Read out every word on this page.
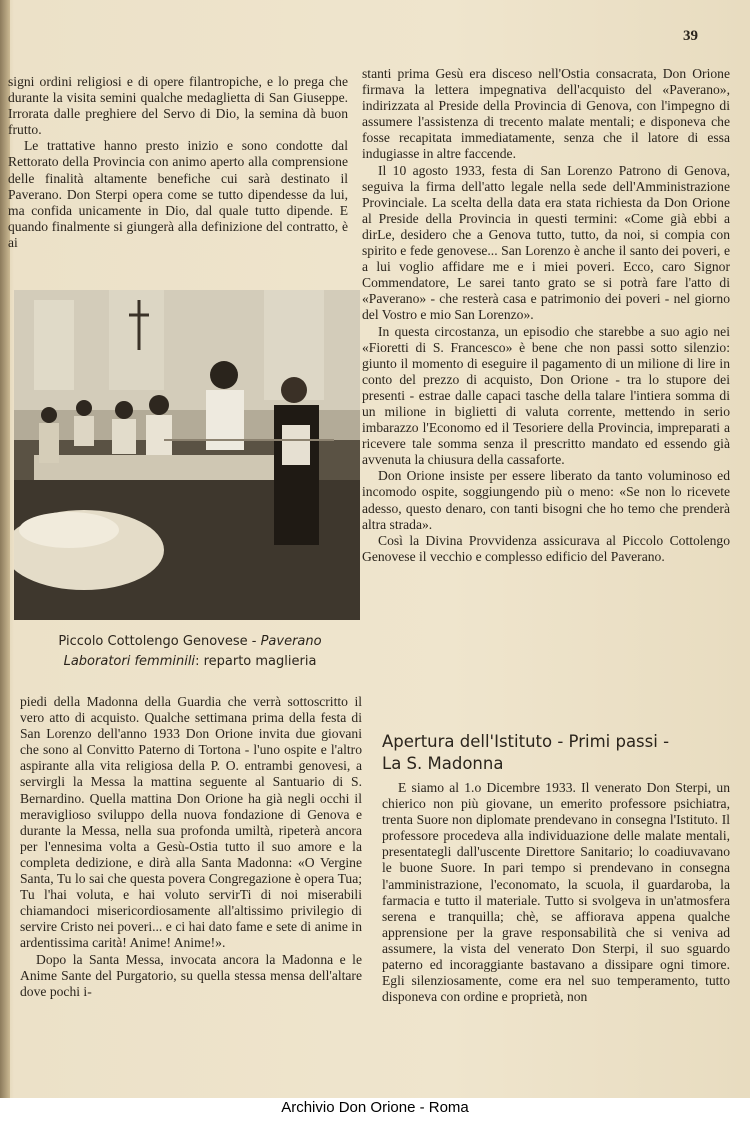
39

signi ordini religiosi e di opere filantropiche, e lo prega che durante la visita semini qualche medaglietta di San Giuseppe. Irrorata dalle preghiere del Servo di Dio, la semina dà buon frutto.

Le trattative hanno presto inizio e sono condotte dal Rettorato della Provincia con animo aperto alla comprensione delle finalità altamente benefiche cui sarà destinato il Paverano. Don Sterpi opera come se tutto dipendesse da lui, ma confida unicamente in Dio, dal quale tutto dipende. E quando finalmente si giungerà alla definizione del contratto, è ai

Piccolo Cottolengo Genovese - Paverano
Laboratori femminili: reparto maglieria

piedi della Madonna della Guardia che verrà sottoscritto il vero atto di acquisto. Qualche settimana prima della festa di San Lorenzo dell'anno 1933 Don Orione invita due giovani che sono al Convitto Paterno di Tortona - l'uno ospite e l'altro aspirante alla vita religiosa della P. O. entrambi genovesi, a servirgli la Messa la mattina seguente al Santuario di S. Bernardino. Quella mattina Don Orione ha già negli occhi il meraviglioso sviluppo della nuova fondazione di Genova e durante la Messa, nella sua profonda umiltà, ripeterà ancora per l'ennesima volta a Gesù-Ostia tutto il suo amore e la completa dedizione, e dirà alla Santa Madonna: «O Vergine Santa, Tu lo sai che questa povera Congregazione è opera Tua; Tu l'hai voluta, e hai voluto servirTi di noi miserabili chiamandoci misericordiosamente all'altissimo privilegio di servire Cristo nei poveri... e ci hai dato fame e sete di anime in ardentissima carità! Anime! Anime!».

Dopo la Santa Messa, invocata ancora la Madonna e le Anime Sante del Purgatorio, su quella stessa mensa dell'altare dove pochi i-

stanti prima Gesù era disceso nell'Ostia consacrata, Don Orione firmava la lettera impegnativa dell'acquisto del «Paverano», indirizzata al Preside della Provincia di Genova, con l'impegno di assumere l'assistenza di trecento malate mentali; e disponeva che fosse recapitata immediatamente, senza che il latore di essa indugiasse in altre faccende.

Il 10 agosto 1933, festa di San Lorenzo Patrono di Genova, seguiva la firma dell'atto legale nella sede dell'Amministrazione Provinciale. La scelta della data era stata richiesta da Don Orione al Preside della Provincia in questi termini: «Come già ebbi a dirLe, desidero che a Genova tutto, tutto, da noi, si compia con spirito e fede genovese... San Lorenzo è anche il santo dei poveri, e a lui voglio affidare me e i miei poveri. Ecco, caro Signor Commendatore, Le sarei tanto grato se si potrà fare l'atto di «Paverano» - che resterà casa e patrimonio dei poveri - nel giorno del Vostro e mio San Lorenzo».

In questa circostanza, un episodio che starebbe a suo agio nei «Fioretti di S. Francesco» è bene che non passi sotto silenzio: giunto il momento di eseguire il pagamento di un milione di lire in conto del prezzo di acquisto, Don Orione - tra lo stupore dei presenti - estrae dalle capaci tasche della talare l'intiera somma di un milione in biglietti di valuta corrente, mettendo in serio imbarazzo l'Economo ed il Tesoriere della Provincia, impreparati a ricevere tale somma senza il prescritto mandato ed essendo già avvenuta la chiusura della cassaforte.

Don Orione insiste per essere liberato da tanto voluminoso ed incomodo ospite, soggiungendo più o meno: «Se non lo ricevete adesso, questo denaro, con tanti bisogni che ho temo che prenderà altra strada».

Così la Divina Provvidenza assicurava al Piccolo Cottolengo Genovese il vecchio e complesso edificio del Paverano.

Apertura dell'Istituto - Primi passi -
La S. Madonna

E siamo al 1.o Dicembre 1933. Il venerato Don Sterpi, un chierico non più giovane, un emerito professore psichiatra, trenta Suore non diplomate prendevano in consegna l'Istituto. Il professore procedeva alla individuazione delle malate mentali, presentategli dall'uscente Direttore Sanitario; lo coadiuvavano le buone Suore. In pari tempo si prendevano in consegna l'amministrazione, l'economato, la scuola, il guardaroba, la farmacia e tutto il materiale. Tutto si svolgeva in un'atmosfera serena e tranquilla; chè, se affiorava appena qualche apprensione per la grave responsabilità che si veniva ad assumere, la vista del venerato Don Sterpi, il suo sguardo paterno ed incoraggiante bastavano a dissipare ogni timore. Egli silenziosamente, come era nel suo temperamento, tutto disponeva con ordine e proprietà, non

Archivio Don Orione - Roma
